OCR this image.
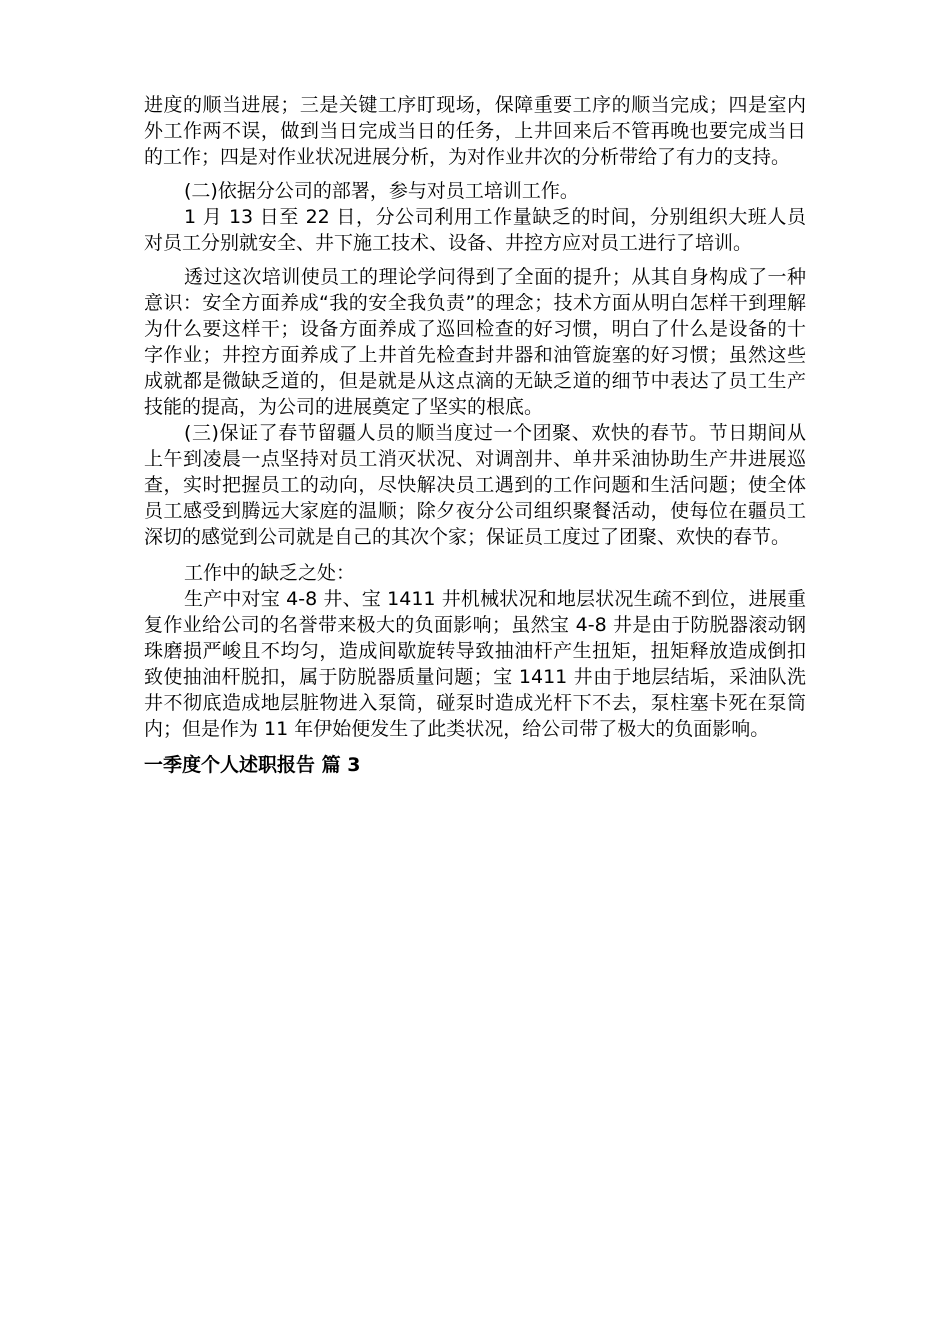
进度的顺当进展；三是关键工序盯现场，保障重要工序的顺当完成；四是室内外工作两不误，做到当日完成当日的任务，上井回来后不管再晚也要完成当日的工作；四是对作业状况进展分析，为对作业井次的分析带给了有力的支持。

(二)依据分公司的部署，参与对员工培训工作。

1 月 13 日至 22 日，分公司利用工作量缺乏的时间，分别组织大班人员对员工分别就安全、井下施工技术、设备、井控方应对员工进行了培训。

透过这次培训使员工的理论学问得到了全面的提升；从其自身构成了一种意识：安全方面养成“我的安全我负责”的理念；技术方面从明白怎样干到理解为什么要这样干；设备方面养成了巡回检查的好习惯，明白了什么是设备的十字作业；井控方面养成了上井首先检查封井器和油管旋塞的好习惯；虽然这些成就都是微缺乏道的，但是就是从这点滴的无缺乏道的细节中表达了员工生产技能的提高，为公司的进展奠定了坚实的根底。

(三)保证了春节留疆人员的顺当度过一个团聚、欢快的春节。节日期间从上午到凌晨一点坚持对员工消灭状况、对调剖井、单井采油协助生产井进展巡查，实时把握员工的动向，尽快解决员工遇到的工作问题和生活问题；使全体员工感受到腾远大家庭的温顺；除夕夜分公司组织聚餐活动，使每位在疆员工深切的感觉到公司就是自己的其次个家；保证员工度过了团聚、欢快的春节。

工作中的缺乏之处：

生产中对宝 4-8 井、宝 1411 井机械状况和地层状况生疏不到位，进展重复作业给公司的名誉带来极大的负面影响；虽然宝 4-8 井是由于防脱器滚动钢珠磨损严峻且不均匀，造成间歇旋转导致抽油杆产生扭矩，扭矩释放造成倒扣致使抽油杆脱扣，属于防脱器质量问题；宝 1411 井由于地层结垢，采油队洗井不彻底造成地层脏物进入泵筒，碰泵时造成光杆下不去，泵柱塞卡死在泵筒内；但是作为 11 年伊始便发生了此类状况，给公司带了极大的负面影响。

一季度个人述职报告 篇 3
